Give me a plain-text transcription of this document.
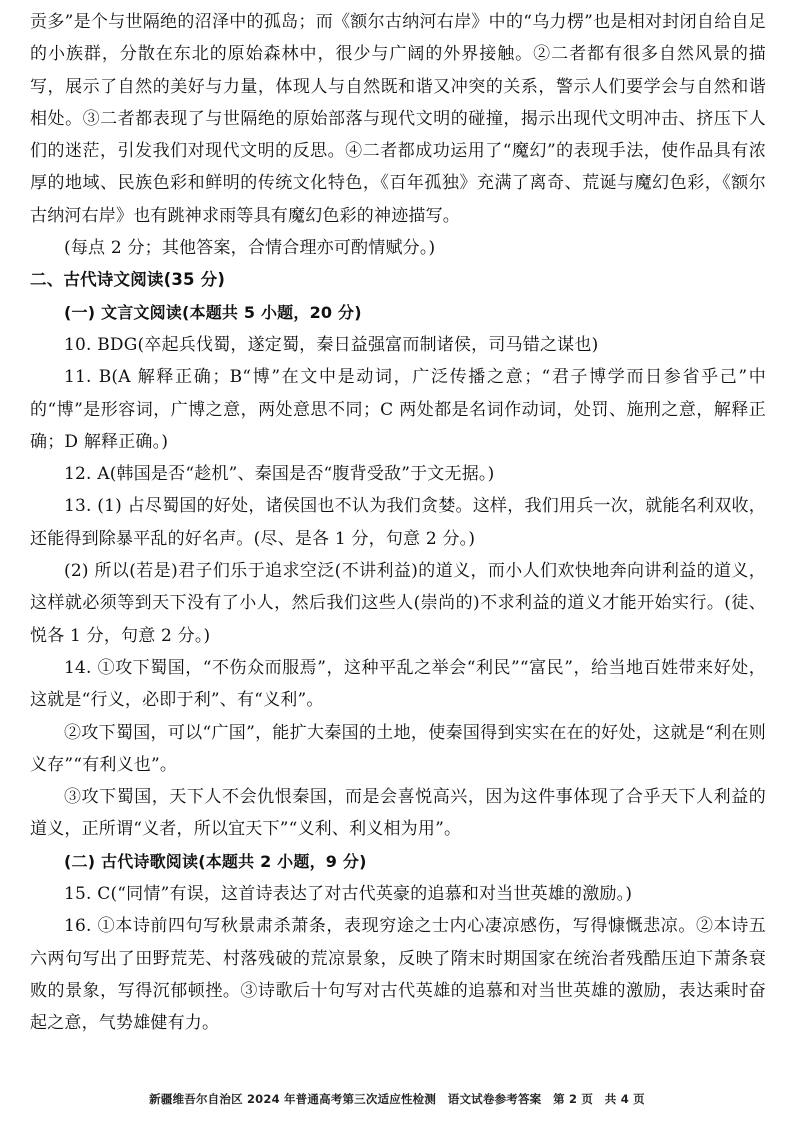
贡多”是个与世隔绝的沼泽中的孤岛；而《额尔古纳河右岸》中的“乌力楞”也是相对封闭自给自足的小族群，分散在东北的原始森林中，很少与广阔的外界接触。②二者都有很多自然风景的描写，展示了自然的美好与力量，体现人与自然既和谐又冲突的关系，警示人们要学会与自然和谐相处。③二者都表现了与世隔绝的原始部落与现代文明的碰撞，揭示出现代文明冲击、挤压下人们的迷茫，引发我们对现代文明的反思。④二者都成功运用了“魔幻”的表现手法，使作品具有浓厚的地域、民族色彩和鲜明的传统文化特色，《百年孤独》充满了离奇、荒诞与魔幻色彩，《额尔古纳河右岸》也有跳神求雨等具有魔幻色彩的神迹描写。

(每点 2 分；其他答案，合情合理亦可酌情赋分。)

二、古代诗文阅读(35 分)

(一) 文言文阅读(本题共 5 小题，20 分)

10. BDG(卒起兵伐蜀，遂定蜀，秦日益强富而制诸侯，司马错之谋也)

11. B(A 解释正确；B“博”在文中是动词，广泛传播之意；“君子博学而日参省乎己”中的“博”是形容词，广博之意，两处意思不同；C 两处都是名词作动词，处罚、施刑之意，解释正确；D 解释正确。)

12. A(韩国是否“趁机”、秦国是否“腹背受敌”于文无据。)

13. (1) 占尽蜀国的好处，诸侯国也不认为我们贪婪。这样，我们用兵一次，就能名利双收，还能得到除暴平乱的好名声。(尽、是各 1 分，句意 2 分。)

(2) 所以(若是)君子们乐于追求空泛(不讲利益)的道义，而小人们欢快地奔向讲利益的道义，这样就必须等到天下没有了小人，然后我们这些人(崇尚的)不求利益的道义才能开始实行。(徒、悦各 1 分，句意 2 分。)

14. ①攻下蜀国，“不伤众而服焉”，这种平乱之举会“利民”“富民”，给当地百姓带来好处，这就是“行义，必即于利”、有“义利”。

②攻下蜀国，可以“广国”，能扩大秦国的土地，使秦国得到实实在在的好处，这就是“利在则义存”“有利义也”。

③攻下蜀国，天下人不会仇恨秦国，而是会喜悦高兴，因为这件事体现了合乎天下人利益的道义，正所谓“义者，所以宜天下”“义利、利义相为用”。

(二) 古代诗歌阅读(本题共 2 小题，9 分)

15. C(“同情”有误，这首诗表达了对古代英豪的追慕和对当世英雄的激励。)

16. ①本诗前四句写秋景肃杀萧条，表现穷途之士内心凄凉感伤，写得慷慨悲凉。②本诗五六两句写出了田野荒芜、村落残破的荒凉景象，反映了隋末时期国家在统治者残酷压迫下萧条衰败的景象，写得沉郁顿挫。③诗歌后十句写对古代英雄的追慕和对当世英雄的激励，表达乘时奋起之意，气势雄健有力。

新疆维吾尔自治区 2024 年普通高考第三次适应性检测　语文试卷参考答案　第 2 页　共 4 页
